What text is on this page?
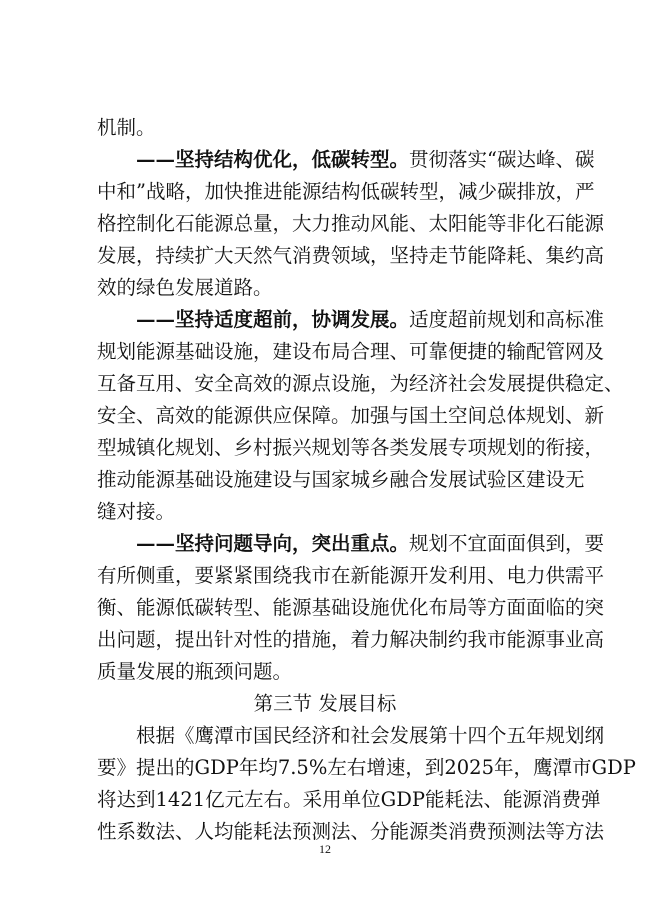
机制。
——坚持结构优化，低碳转型。贯彻落实“碳达峰、碳
中和”战略，加快推进能源结构低碳转型，减少碳排放，严
格控制化石能源总量，大力推动风能、太阳能等非化石能源
发展，持续扩大天然气消费领域，坚持走节能降耗、集约高
效的绿色发展道路。
——坚持适度超前，协调发展。适度超前规划和高标准
规划能源基础设施，建设布局合理、可靠便捷的输配管网及
互备互用、安全高效的源点设施，为经济社会发展提供稳定、
安全、高效的能源供应保障。加强与国土空间总体规划、新
型城镇化规划、乡村振兴规划等各类发展专项规划的衔接，
推动能源基础设施建设与国家城乡融合发展试验区建设无
缝对接。
——坚持问题导向，突出重点。规划不宜面面俱到，要
有所侧重，要紧紧围绕我市在新能源开发利用、电力供需平
衡、能源低碳转型、能源基础设施优化布局等方面面临的突
出问题，提出针对性的措施，着力解决制约我市能源事业高
质量发展的瓶颈问题。
第三节 发展目标
根据《鹰潭市国民经济和社会发展第十四个五年规划纲
要》提出的GDP年均7.5%左右增速，到2025年，鹰潭市GDP
将达到1421亿元左右。采用单位GDP能耗法、能源消费弹
性系数法、人均能耗法预测法、分能源类消费预测法等方法
12
